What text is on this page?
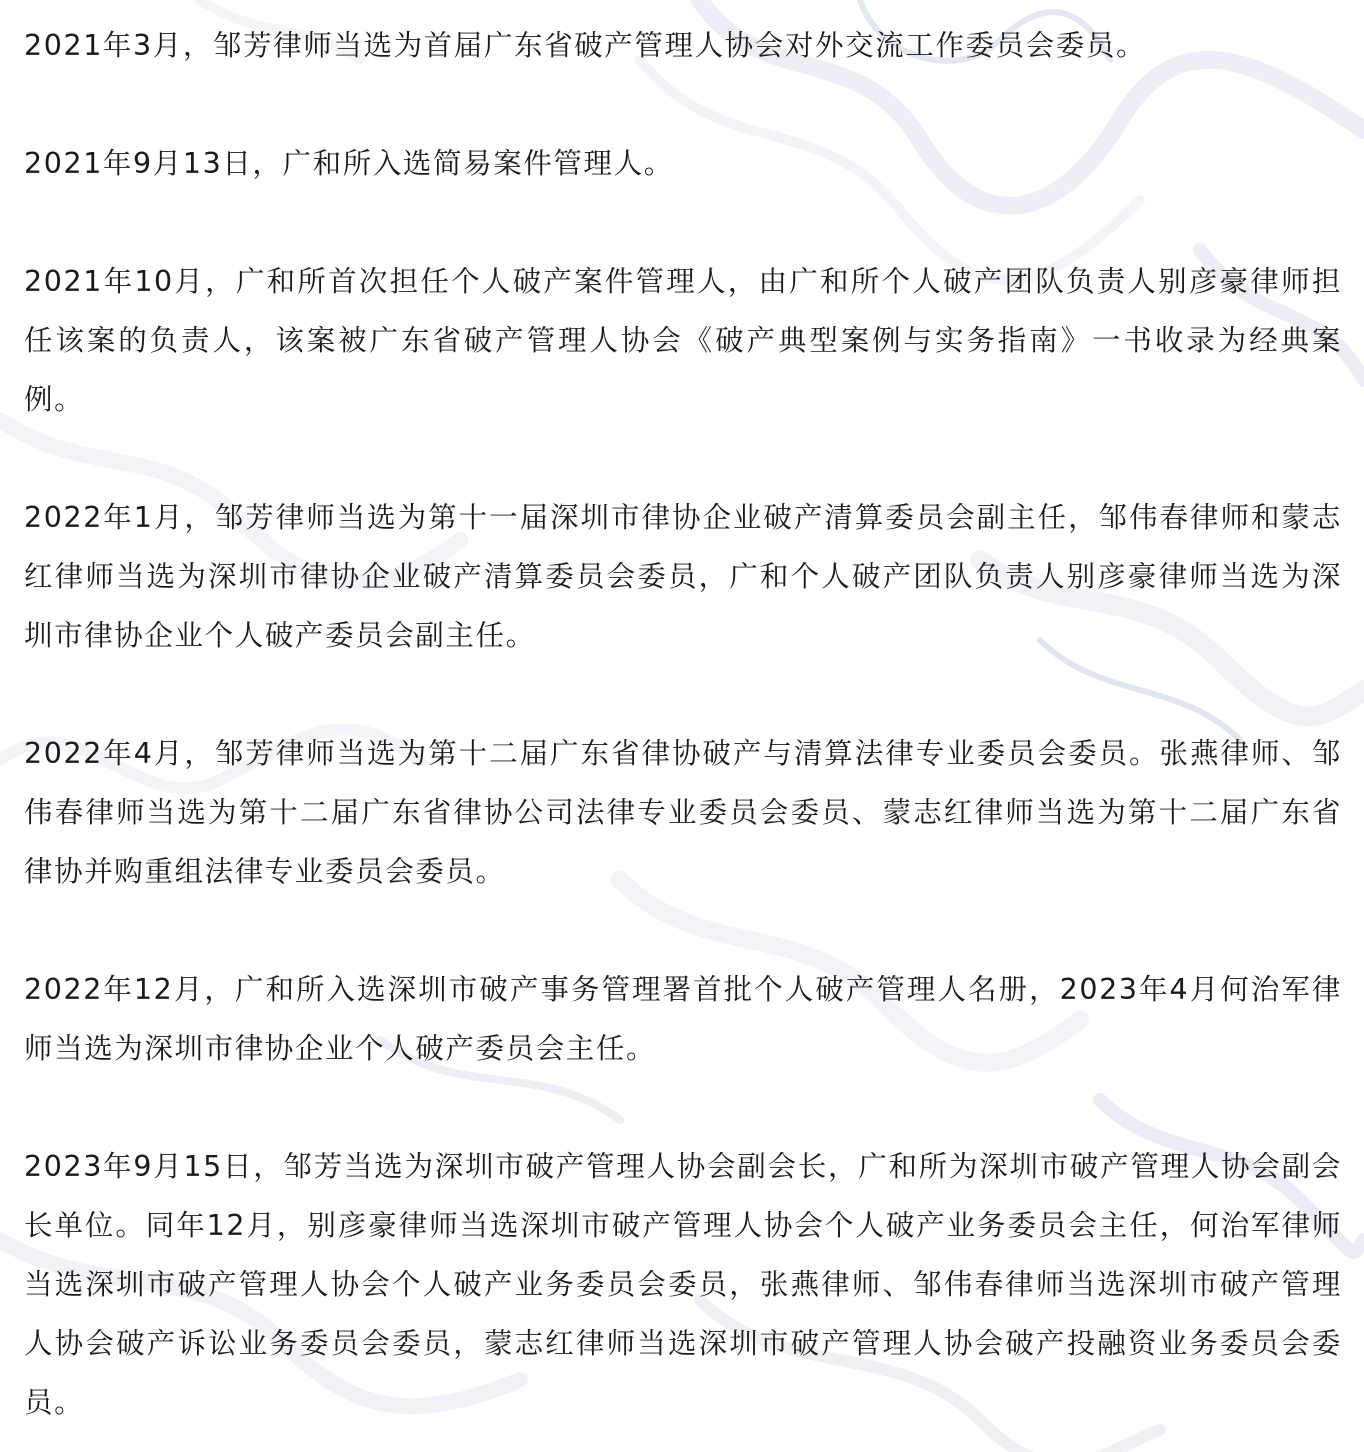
2021年3月，邹芳律师当选为首届广东省破产管理人协会对外交流工作委员会委员。

2021年9月13日，广和所入选简易案件管理人。

2021年10月，广和所首次担任个人破产案件管理人，由广和所个人破产团队负责人别彦豪律师担任该案的负责人，该案被广东省破产管理人协会《破产典型案例与实务指南》一书收录为经典案例。

2022年1月，邹芳律师当选为第十一届深圳市律协企业破产清算委员会副主任，邹伟春律师和蒙志红律师当选为深圳市律协企业破产清算委员会委员，广和个人破产团队负责人别彦豪律师当选为深圳市律协企业个人破产委员会副主任。

2022年4月，邹芳律师当选为第十二届广东省律协破产与清算法律专业委员会委员。张燕律师、邹伟春律师当选为第十二届广东省律协公司法律专业委员会委员、蒙志红律师当选为第十二届广东省律协并购重组法律专业委员会委员。

2022年12月，广和所入选深圳市破产事务管理署首批个人破产管理人名册，2023年4月何治军律师当选为深圳市律协企业个人破产委员会主任。

2023年9月15日，邹芳当选为深圳市破产管理人协会副会长，广和所为深圳市破产管理人协会副会长单位。同年12月，别彦豪律师当选深圳市破产管理人协会个人破产业务委员会主任，何治军律师当选深圳市破产管理人协会个人破产业务委员会委员，张燕律师、邹伟春律师当选深圳市破产管理人协会破产诉讼业务委员会委员，蒙志红律师当选深圳市破产管理人协会破产投融资业务委员会委员。
